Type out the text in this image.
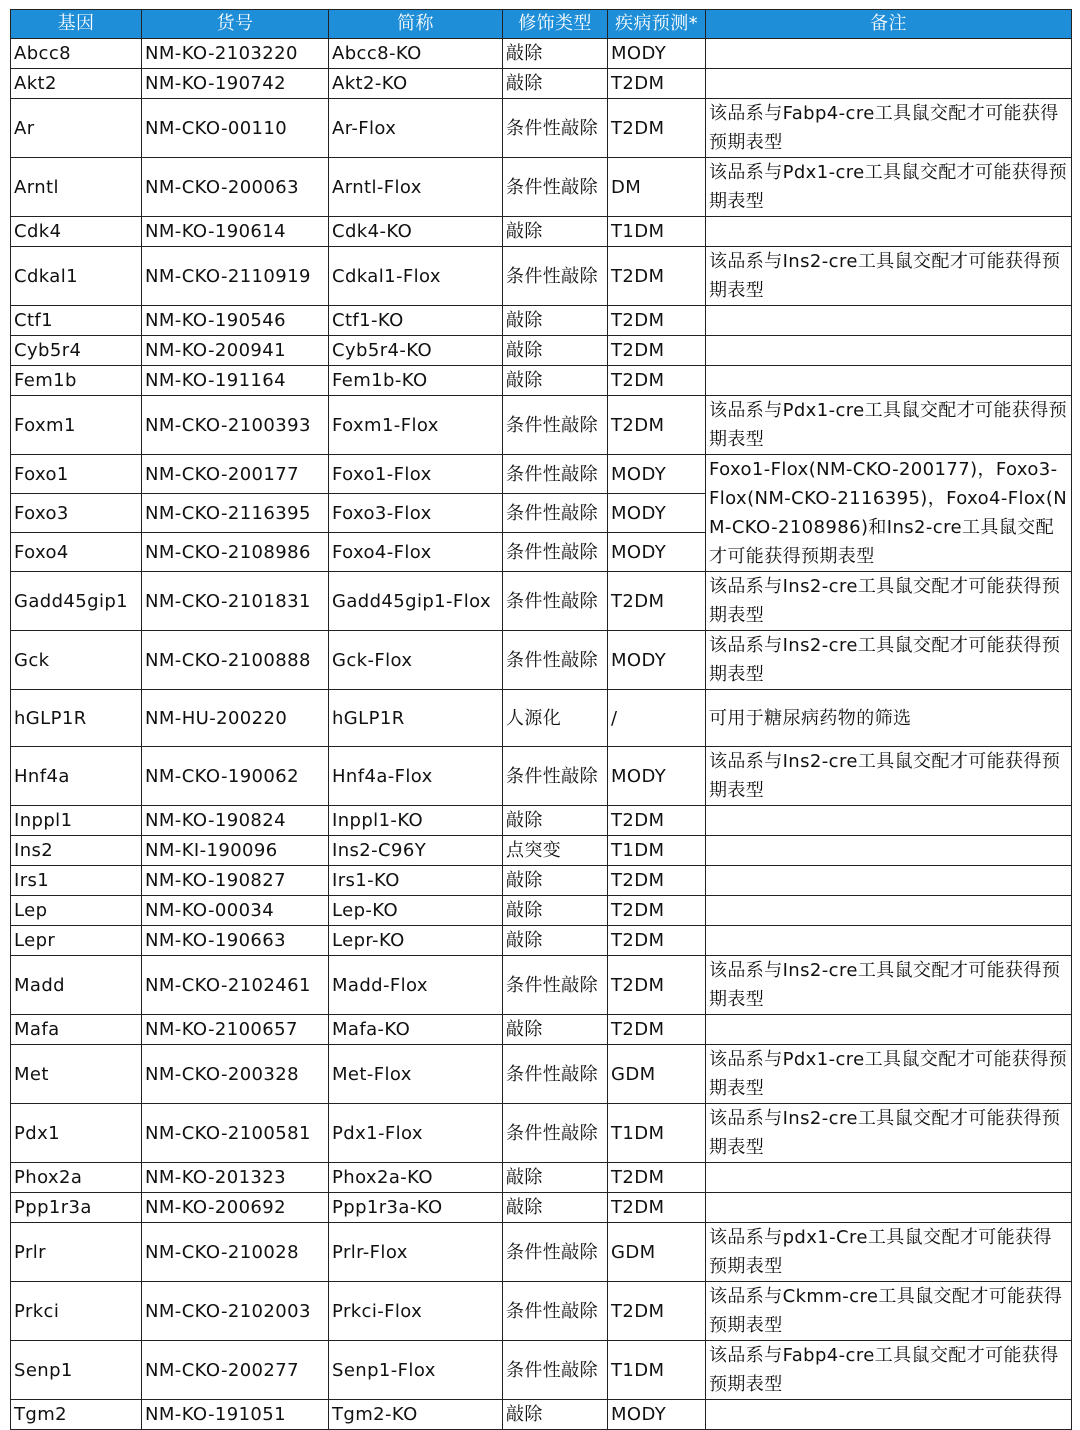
基因	货号	简称	修饰类型	疾病预测*	备注
Abcc8	NM-KO-2103220	Abcc8-KO	敲除	MODY	
Akt2	NM-KO-190742	Akt2-KO	敲除	T2DM	
Ar	NM-CKO-00110	Ar-Flox	条件性敲除	T2DM	该品系与Fabp4-cre工具鼠交配才可能获得预期表型
Arntl	NM-CKO-200063	Arntl-Flox	条件性敲除	DM	该品系与Pdx1-cre工具鼠交配才可能获得预期表型
Cdk4	NM-KO-190614	Cdk4-KO	敲除	T1DM	
Cdkal1	NM-CKO-2110919	Cdkal1-Flox	条件性敲除	T2DM	该品系与Ins2-cre工具鼠交配才可能获得预期表型
Ctf1	NM-KO-190546	Ctf1-KO	敲除	T2DM	
Cyb5r4	NM-KO-200941	Cyb5r4-KO	敲除	T2DM	
Fem1b	NM-KO-191164	Fem1b-KO	敲除	T2DM	
Foxm1	NM-CKO-2100393	Foxm1-Flox	条件性敲除	T2DM	该品系与Pdx1-cre工具鼠交配才可能获得预期表型
Foxo1	NM-CKO-200177	Foxo1-Flox	条件性敲除	MODY	Foxo1-Flox(NM-CKO-200177)，Foxo3-Flox(NM-CKO-2116395)，Foxo4-Flox(NM-CKO-2108986)和Ins2-cre工具鼠交配才可能获得预期表型
Foxo3	NM-CKO-2116395	Foxo3-Flox	条件性敲除	MODY	
Foxo4	NM-CKO-2108986	Foxo4-Flox	条件性敲除	MODY	
Gadd45gip1	NM-CKO-2101831	Gadd45gip1-Flox	条件性敲除	T2DM	该品系与Ins2-cre工具鼠交配才可能获得预期表型
Gck	NM-CKO-2100888	Gck-Flox	条件性敲除	MODY	该品系与Ins2-cre工具鼠交配才可能获得预期表型
hGLP1R	NM-HU-200220	hGLP1R	人源化	/	可用于糖尿病药物的筛选
Hnf4a	NM-CKO-190062	Hnf4a-Flox	条件性敲除	MODY	该品系与Ins2-cre工具鼠交配才可能获得预期表型
Inppl1	NM-KO-190824	Inppl1-KO	敲除	T2DM	
Ins2	NM-KI-190096	Ins2-C96Y	点突变	T1DM	
Irs1	NM-KO-190827	Irs1-KO	敲除	T2DM	
Lep	NM-KO-00034	Lep-KO	敲除	T2DM	
Lepr	NM-KO-190663	Lepr-KO	敲除	T2DM	
Madd	NM-CKO-2102461	Madd-Flox	条件性敲除	T2DM	该品系与Ins2-cre工具鼠交配才可能获得预期表型
Mafa	NM-KO-2100657	Mafa-KO	敲除	T2DM	
Met	NM-CKO-200328	Met-Flox	条件性敲除	GDM	该品系与Pdx1-cre工具鼠交配才可能获得预期表型
Pdx1	NM-CKO-2100581	Pdx1-Flox	条件性敲除	T1DM	该品系与Ins2-cre工具鼠交配才可能获得预期表型
Phox2a	NM-KO-201323	Phox2a-KO	敲除	T2DM	
Ppp1r3a	NM-KO-200692	Ppp1r3a-KO	敲除	T2DM	
Prlr	NM-CKO-210028	Prlr-Flox	条件性敲除	GDM	该品系与pdx1-Cre工具鼠交配才可能获得预期表型
Prkci	NM-CKO-2102003	Prkci-Flox	条件性敲除	T2DM	该品系与Ckmm-cre工具鼠交配才可能获得预期表型
Senp1	NM-CKO-200277	Senp1-Flox	条件性敲除	T1DM	该品系与Fabp4-cre工具鼠交配才可能获得预期表型
Tgm2	NM-KO-191051	Tgm2-KO	敲除	MODY	
